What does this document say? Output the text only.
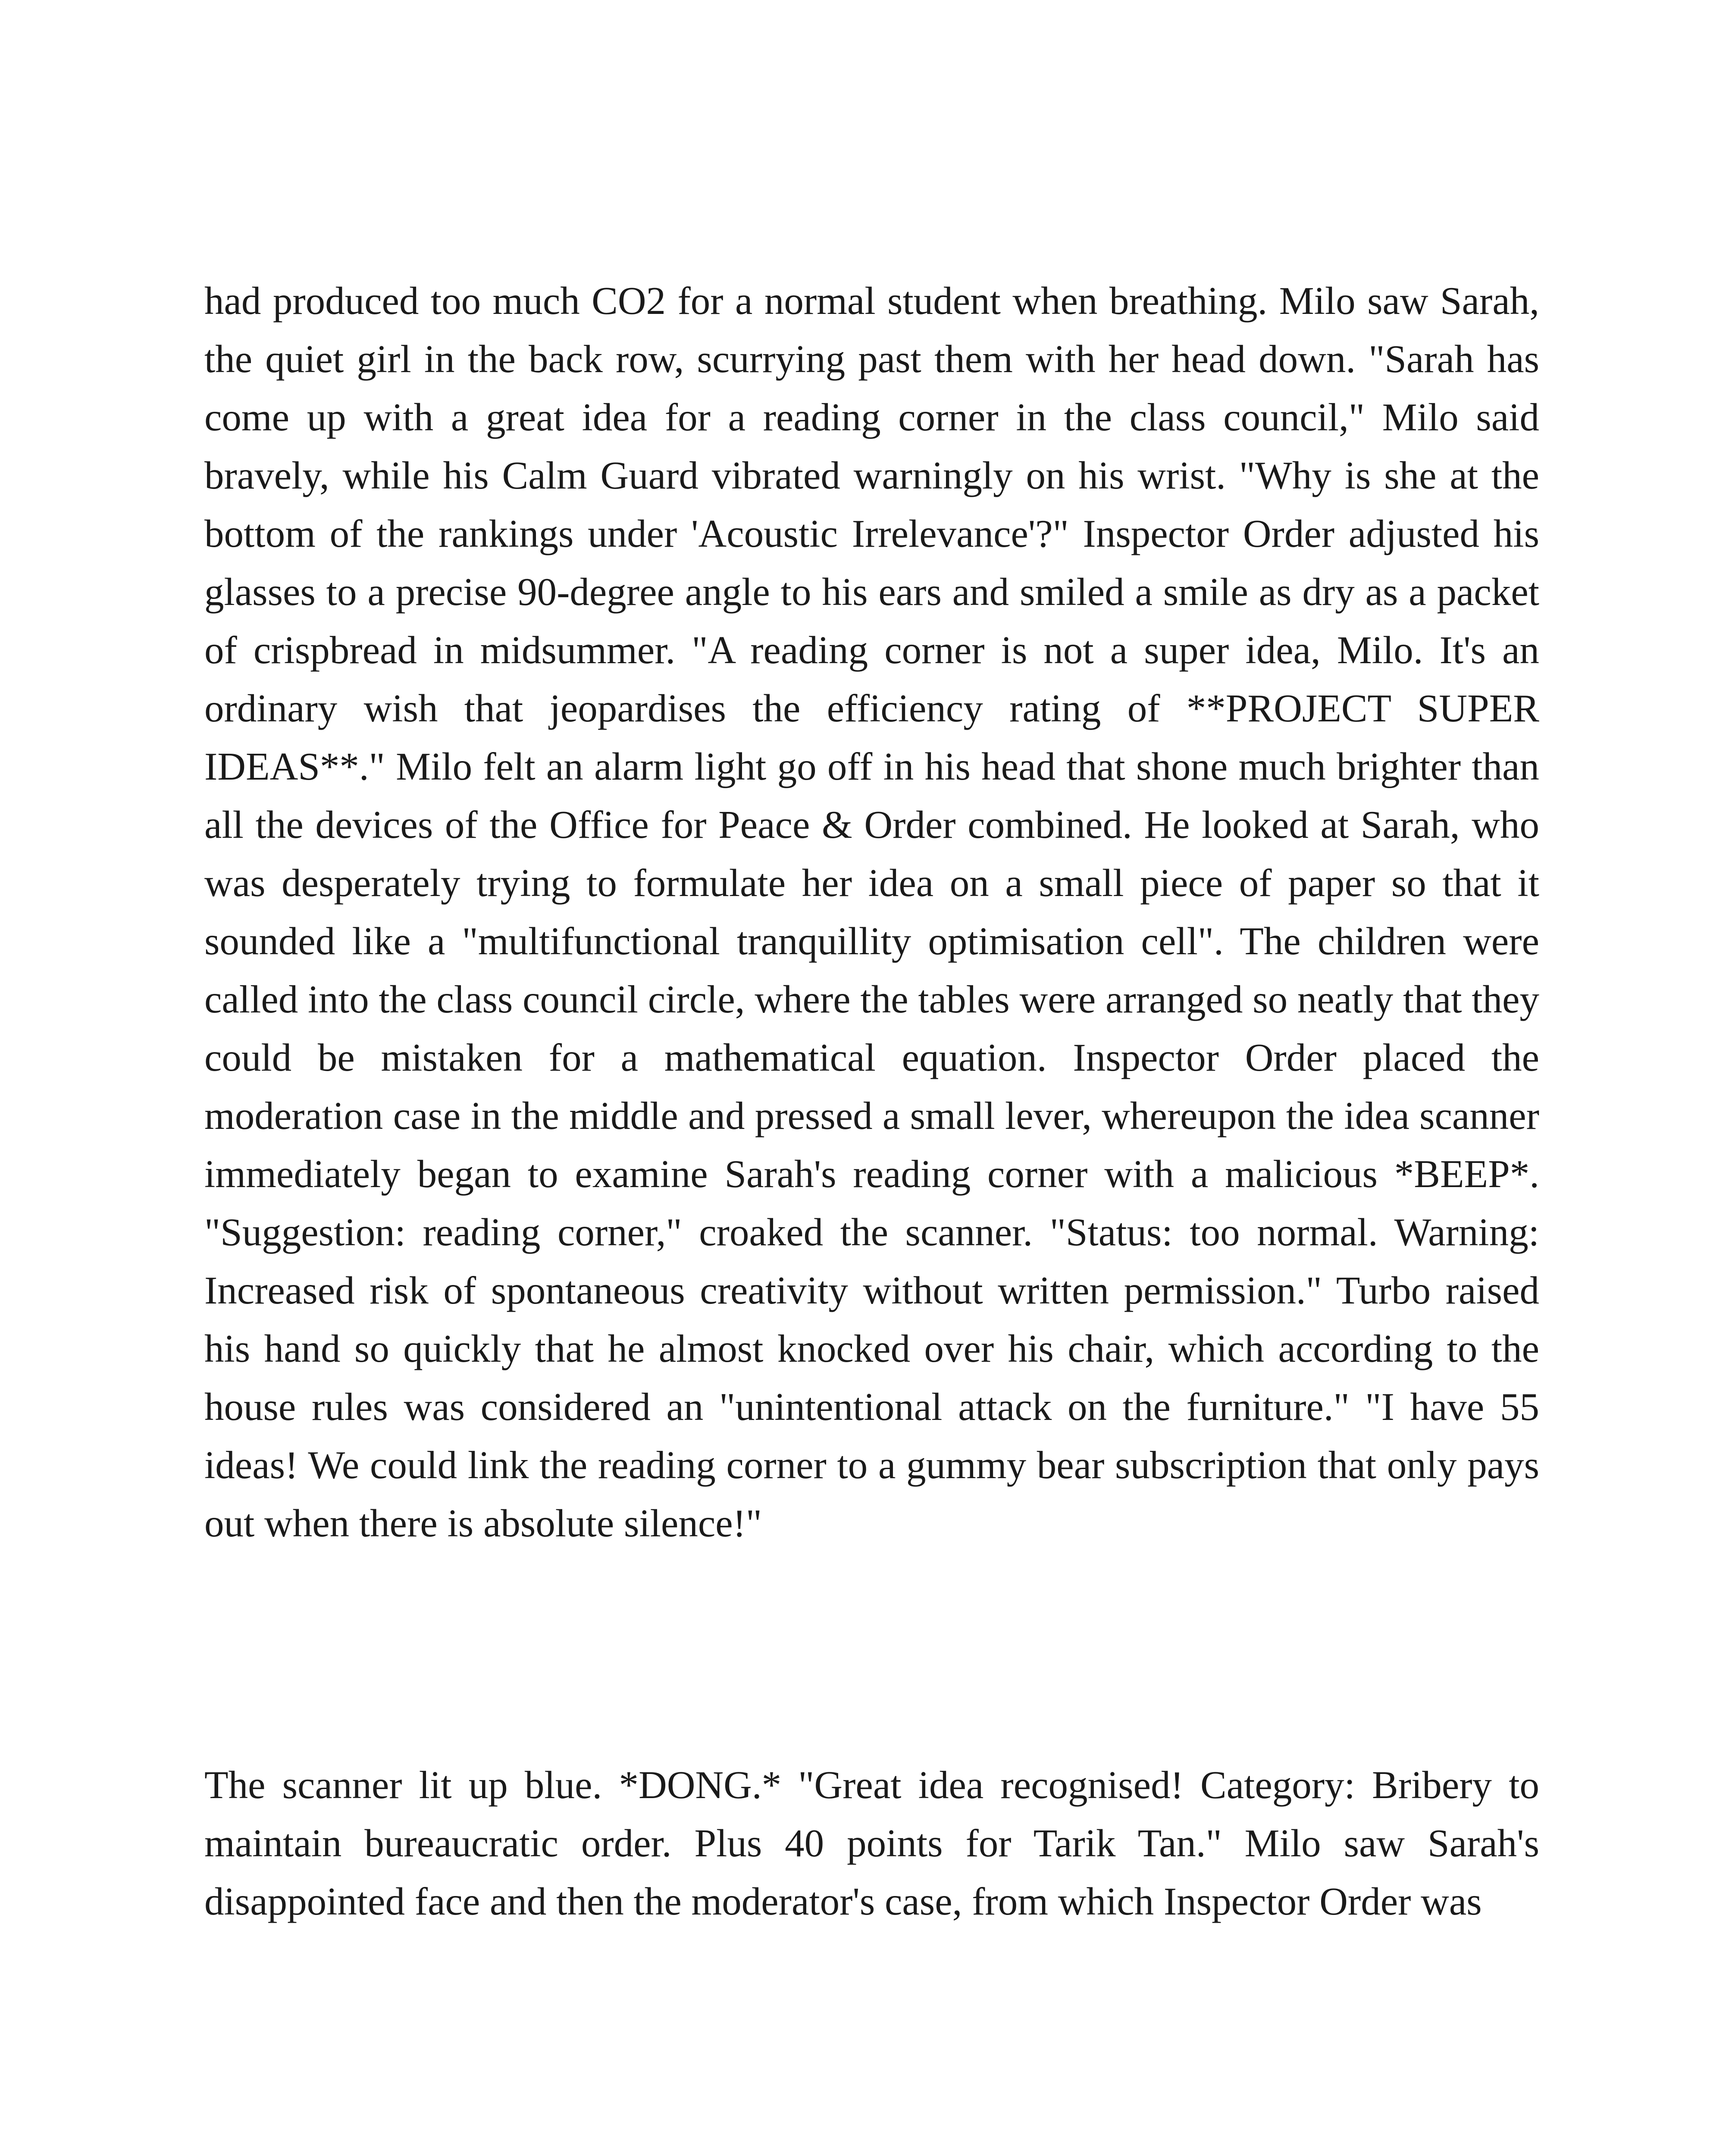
had produced too much CO2 for a normal student when breathing. Milo saw Sarah, the quiet girl in the back row, scurrying past them with her head down. "Sarah has come up with a great idea for a reading corner in the class council," Milo said bravely, while his Calm Guard vibrated warningly on his wrist. "Why is she at the bottom of the rankings under 'Acoustic Irrelevance'?" Inspector Order adjusted his glasses to a precise 90-degree angle to his ears and smiled a smile as dry as a packet of crispbread in midsummer. "A reading corner is not a super idea, Milo. It's an ordinary wish that jeopardises the efficiency rating of **PROJECT SUPER IDEAS**." Milo felt an alarm light go off in his head that shone much brighter than all the devices of the Office for Peace & Order combined. He looked at Sarah, who was desperately trying to formulate her idea on a small piece of paper so that it sounded like a "multifunctional tranquillity optimisation cell". The children were called into the class council circle, where the tables were arranged so neatly that they could be mistaken for a mathematical equation. Inspector Order placed the moderation case in the middle and pressed a small lever, whereupon the idea scanner immediately began to examine Sarah's reading corner with a malicious *BEEP*. "Suggestion: reading corner," croaked the scanner. "Status: too normal. Warning: Increased risk of spontaneous creativity without written permission." Turbo raised his hand so quickly that he almost knocked over his chair, which according to the house rules was considered an "unintentional attack on the furniture." "I have 55 ideas! We could link the reading corner to a gummy bear subscription that only pays out when there is absolute silence!"

The scanner lit up blue. *DONG.* "Great idea recognised! Category: Bribery to maintain bureaucratic order. Plus 40 points for Tarik Tan." Milo saw Sarah's disappointed face and then the moderator's case, from which Inspector Order was
